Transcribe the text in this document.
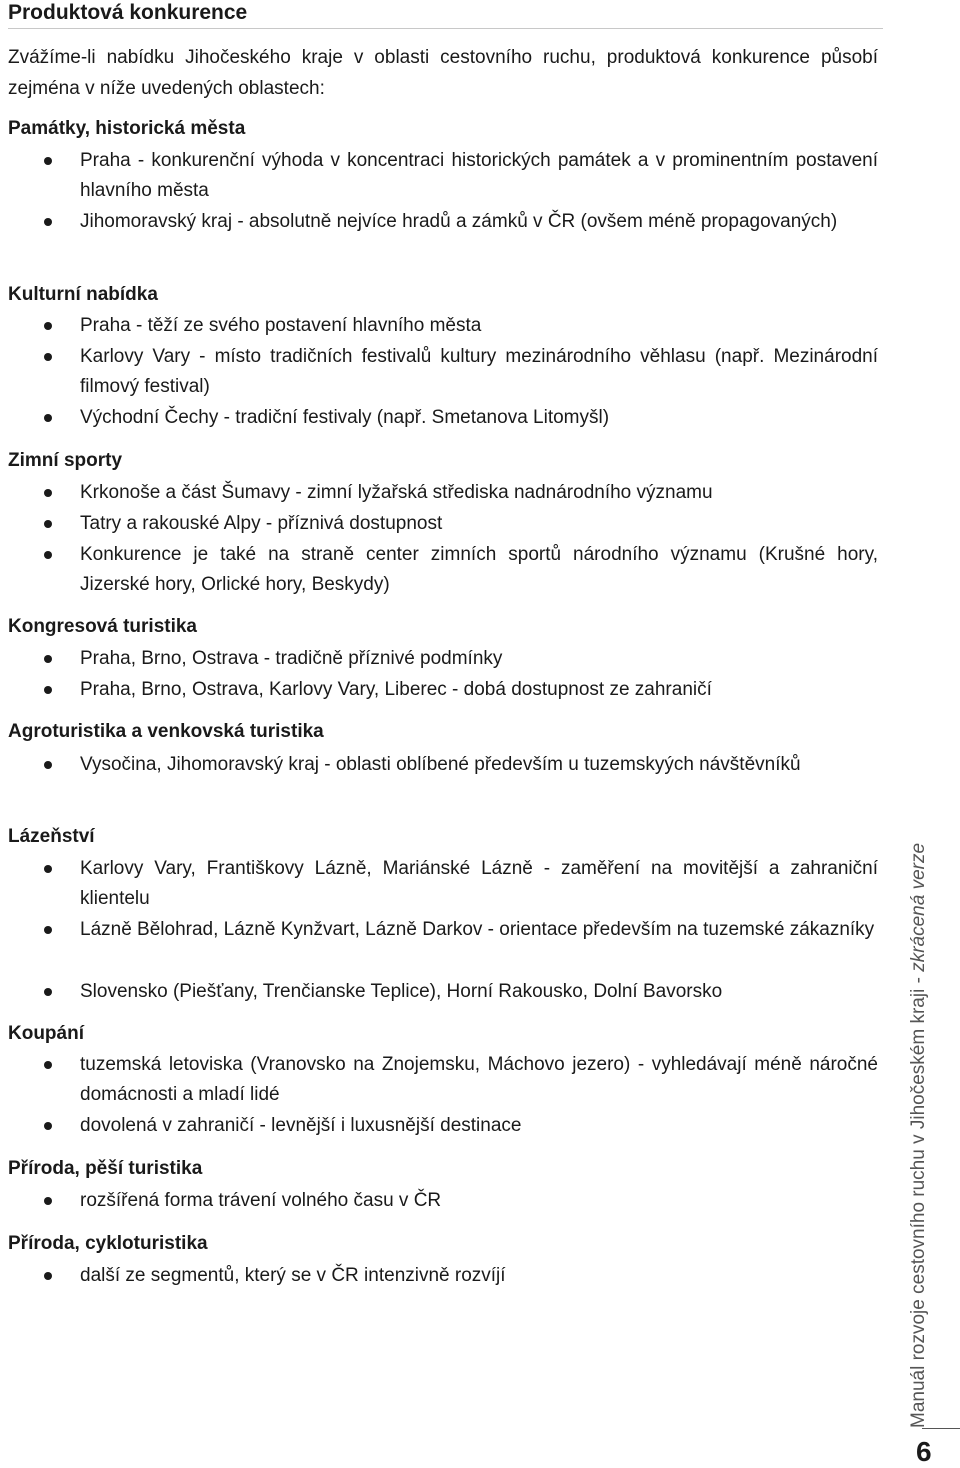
Produktová konkurence
Zvážíme-li nabídku Jihočeského kraje v oblasti cestovního ruchu, produktová konkurence působí zejména v níže uvedených oblastech:
Památky, historická města
Praha - konkurenční výhoda v koncentraci historických památek a v prominentním postavení hlavního města
Jihomoravský kraj - absolutně nejvíce hradů a zámků v ČR (ovšem méně propagovaných)
Kulturní nabídka
Praha - těží ze svého postavení hlavního města
Karlovy Vary - místo tradičních festivalů kultury mezinárodního věhlasu (např. Mezinárodní filmový festival)
Východní Čechy - tradiční festivaly (např. Smetanova Litomyšl)
Zimní sporty
Krkonoše a část Šumavy - zimní lyžařská střediska nadnárodního významu
Tatry a rakouské Alpy - příznivá dostupnost
Konkurence je také na straně center zimních sportů národního významu (Krušné hory, Jizerské hory, Orlické hory, Beskydy)
Kongresová turistika
Praha, Brno, Ostrava - tradičně příznivé podmínky
Praha, Brno, Ostrava, Karlovy Vary, Liberec - dobá dostupnost ze zahraničí
Agroturistika a venkovská turistika
Vysočina, Jihomoravský kraj - oblasti oblíbené především u tuzemskyých návštěvníků
Lázeňství
Karlovy Vary, Františkovy Lázně, Mariánské Lázně - zaměření na movitější a zahraniční klientelu
Lázně Bělohrad, Lázně Kynžvart, Lázně Darkov - orientace především na tuzemské zákazníky
Slovensko (Piešťany, Trenčianske Teplice), Horní Rakousko, Dolní Bavorsko
Koupání
tuzemská letoviska (Vranovsko na Znojemsku, Máchovo jezero) - vyhledávají méně náročné domácnosti a mladí lidé
dovolená v zahraničí - levnější i luxusnější destinace
Příroda, pěší turistika
rozšířená forma trávení volného času v ČR
Příroda, cykloturistika
další ze segmentů, který se v ČR intenzivně rozvíjí	Manuál rozvoje cestovního ruchu v Jihočeském kraji - zkrácená verze
6
